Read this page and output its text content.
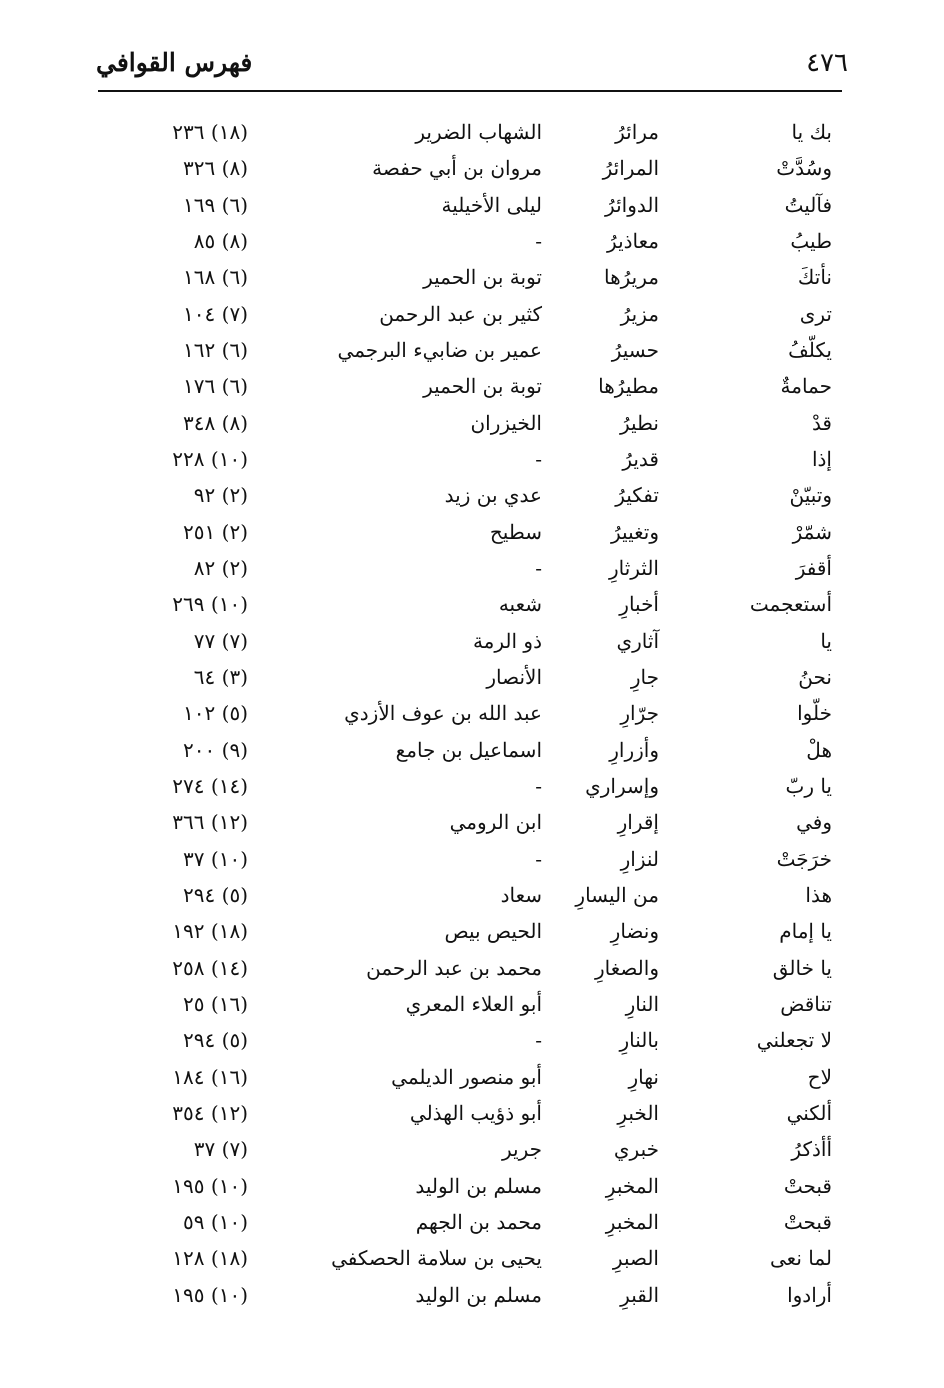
٤٧٦
فهرس القوافي
بك يا
مرائرُ
الشهاب الضرير
(١٨) ٢٣٦
وسُدَّتْ
المرائرُ
مروان بن أبي حفصة
(٨) ٣٢٦
فآليتُ
الدوائرُ
ليلى الأخيلية
(٦) ١٦٩
طيبُ
معاذيرُ
-
(٨) ٨٥
نأتكَ
مريرُها
توبة بن الحمير
(٦) ١٦٨
ترى
مزيرُ
كثير بن عبد الرحمن
(٧) ١٠٤
يكلّفُ
حسيرُ
عمير بن ضابيء البرجمي
(٦) ١٦٢
حمامةٌ
مطيرُها
توبة بن الحمير
(٦) ١٧٦
قدْ
نطيرُ
الخيزران
(٨) ٣٤٨
إذا
قديرُ
-
(١٠) ٢٢٨
وتبيّنْ
تفكيرُ
عدي بن زيد
(٢) ٩٢
شمّرْ
وتغييرُ
سطيح
(٢) ٢٥١
أقفرَ
الثرثارِ
-
(٢) ٨٢
أستعجمت
أخبارِ
شعبه
(١٠) ٢٦٩
يا
آثاري
ذو الرمة
(٧) ٧٧
نحنُ
جارِ
الأنصار
(٣) ٦٤
خلّوا
جرّارِ
عبد الله بن عوف الأزدي
(٥) ١٠٢
هلْ
وأزرارِ
اسماعيل بن جامع
(٩) ٢٠٠
يا ربّ
وإسراري
-
(١٤) ٢٧٤
وفي
إقرارِ
ابن الرومي
(١٢) ٣٦٦
خرَجَتْ
لنزارِ
-
(١٠) ٣٧
هذا
من اليسارِ
سعاد
(٥) ٢٩٤
يا إمام
ونضارِ
الحيص بيص
(١٨) ١٩٢
يا خالق
والصغارِ
محمد بن عبد الرحمن
(١٤) ٢٥٨
تناقض
النارِ
أبو العلاء المعري
(١٦) ٢٥
لا تجعلني
بالنارِ
-
(٥) ٢٩٤
لاح
نهارِ
أبو منصور الديلمي
(١٦) ١٨٤
ألكني
الخبرِ
أبو ذؤيب الهذلي
(١٢) ٣٥٤
أأذكرُ
خبري
جرير
(٧) ٣٧
قبحتْ
المخبرِ
مسلم بن الوليد
(١٠) ١٩٥
قبحتْ
المخبرِ
محمد بن الجهم
(١٠) ٥٩
لما نعى
الصبرِ
يحيى بن سلامة الحصكفي
(١٨) ١٢٨
أرادوا
القبرِ
مسلم بن الوليد
(١٠) ١٩٥
